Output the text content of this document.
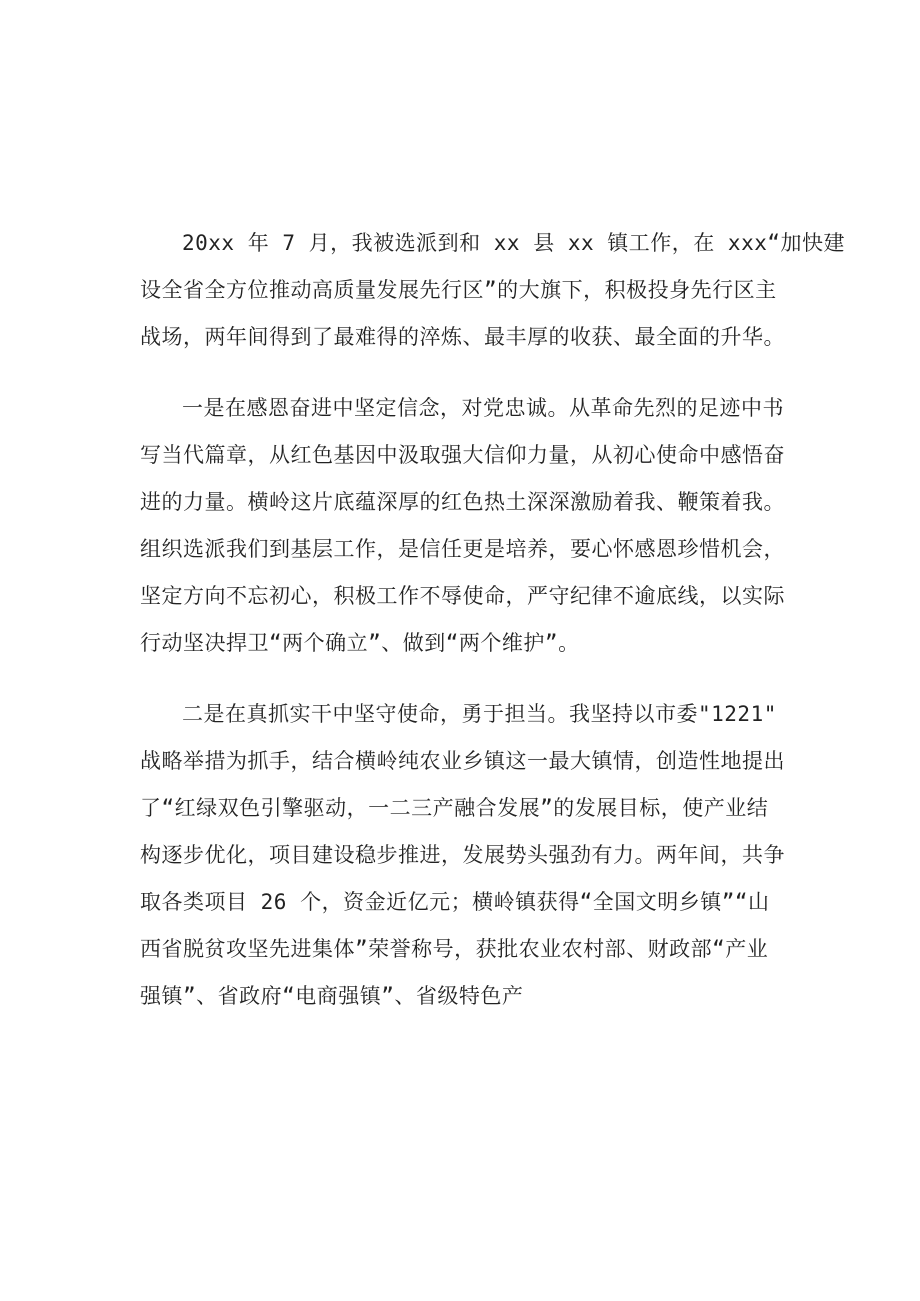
20xx 年 7 月，我被选派到和 xx 县 xx 镇工作，在 xxx“加快建
设全省全方位推动高质量发展先行区”的大旗下，积极投身先行区主
战场，两年间得到了最难得的淬炼、最丰厚的收获、最全面的升华。
一是在感恩奋进中坚定信念，对党忠诚。从革命先烈的足迹中书
写当代篇章，从红色基因中汲取强大信仰力量，从初心使命中感悟奋
进的力量。横岭这片底蕴深厚的红色热土深深激励着我、鞭策着我。
组织选派我们到基层工作，是信任更是培养，要心怀感恩珍惜机会，
坚定方向不忘初心，积极工作不辱使命，严守纪律不逾底线，以实际
行动坚决捍卫“两个确立”、做到“两个维护”。
二是在真抓实干中坚守使命，勇于担当。我坚持以市委"1221"
战略举措为抓手，结合横岭纯农业乡镇这一最大镇情，创造性地提出
了“红绿双色引擎驱动，一二三产融合发展”的发展目标，使产业结
构逐步优化，项目建设稳步推进，发展势头强劲有力。两年间，共争
取各类项目 26 个，资金近亿元；横岭镇获得“全国文明乡镇”“山
西省脱贫攻坚先进集体”荣誉称号，获批农业农村部、财政部“产业
强镇”、省政府“电商强镇”、省级特色产
